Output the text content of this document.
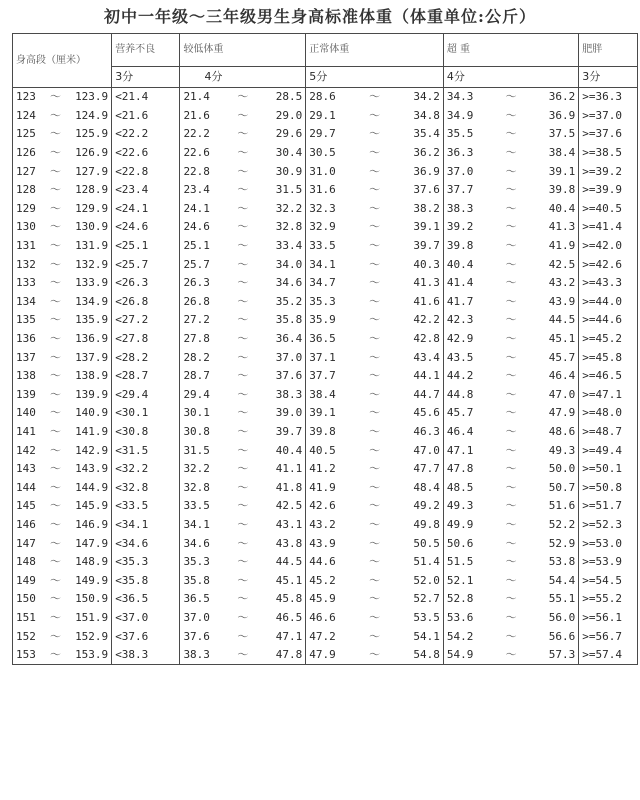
初中一年级～三年级男生身高标准体重（体重单位:公斤）
身高段（厘米）	营养不良	较低体重	正常体重	超 重	肥胖
	3分	4分	5分	4分	3分

123 ～ 123.9	<21.4	21.4 ～ 28.5	28.6 ～ 34.2	34.3 ～ 36.2	>=36.3

124 ～ 124.9	<21.6	21.6 ～ 29.0	29.1 ～ 34.8	34.9 ～ 36.9	>=37.0

125 ～ 125.9	<22.2	22.2 ～ 29.6	29.7 ～ 35.4	35.5 ～ 37.5	>=37.6

126 ～ 126.9	<22.6	22.6 ～ 30.4	30.5 ～ 36.2	36.3 ～ 38.4	>=38.5

127 ～ 127.9	<22.8	22.8 ～ 30.9	31.0 ～ 36.9	37.0 ～ 39.1	>=39.2

128 ～ 128.9	<23.4	23.4 ～ 31.5	31.6 ～ 37.6	37.7 ～ 39.8	>=39.9

129 ～ 129.9	<24.1	24.1 ～ 32.2	32.3 ～ 38.2	38.3 ～ 40.4	>=40.5

130 ～ 130.9	<24.6	24.6 ～ 32.8	32.9 ～ 39.1	39.2 ～ 41.3	>=41.4

131 ～ 131.9	<25.1	25.1 ～ 33.4	33.5 ～ 39.7	39.8 ～ 41.9	>=42.0

132 ～ 132.9	<25.7	25.7 ～ 34.0	34.1 ～ 40.3	40.4 ～ 42.5	>=42.6

133 ～ 133.9	<26.3	26.3 ～ 34.6	34.7 ～ 41.3	41.4 ～ 43.2	>=43.3

134 ～ 134.9	<26.8	26.8 ～ 35.2	35.3 ～ 41.6	41.7 ～ 43.9	>=44.0

135 ～ 135.9	<27.2	27.2 ～ 35.8	35.9 ～ 42.2	42.3 ～ 44.5	>=44.6

136 ～ 136.9	<27.8	27.8 ～ 36.4	36.5 ～ 42.8	42.9 ～ 45.1	>=45.2

137 ～ 137.9	<28.2	28.2 ～ 37.0	37.1 ～ 43.4	43.5 ～ 45.7	>=45.8

138 ～ 138.9	<28.7	28.7 ～ 37.6	37.7 ～ 44.1	44.2 ～ 46.4	>=46.5

139 ～ 139.9	<29.4	29.4 ～ 38.3	38.4 ～ 44.7	44.8 ～ 47.0	>=47.1

140 ～ 140.9	<30.1	30.1 ～ 39.0	39.1 ～ 45.6	45.7 ～ 47.9	>=48.0

141 ～ 141.9	<30.8	30.8 ～ 39.7	39.8 ～ 46.3	46.4 ～ 48.6	>=48.7

142 ～ 142.9	<31.5	31.5 ～ 40.4	40.5 ～ 47.0	47.1 ～ 49.3	>=49.4

143 ～ 143.9	<32.2	32.2 ～ 41.1	41.2 ～ 47.7	47.8 ～ 50.0	>=50.1

144 ～ 144.9	<32.8	32.8 ～ 41.8	41.9 ～ 48.4	48.5 ～ 50.7	>=50.8

145 ～ 145.9	<33.5	33.5 ～ 42.5	42.6 ～ 49.2	49.3 ～ 51.6	>=51.7

146 ～ 146.9	<34.1	34.1 ～ 43.1	43.2 ～ 49.8	49.9 ～ 52.2	>=52.3

147 ～ 147.9	<34.6	34.6 ～ 43.8	43.9 ～ 50.5	50.6 ～ 52.9	>=53.0

148 ～ 148.9	<35.3	35.3 ～ 44.5	44.6 ～ 51.4	51.5 ～ 53.8	>=53.9

149 ～ 149.9	<35.8	35.8 ～ 45.1	45.2 ～ 52.0	52.1 ～ 54.4	>=54.5

150 ～ 150.9	<36.5	36.5 ～ 45.8	45.9 ～ 52.7	52.8 ～ 55.1	>=55.2

151 ～ 151.9	<37.0	37.0 ～ 46.5	46.6 ～ 53.5	53.6 ～ 56.0	>=56.1

152 ～ 152.9	<37.6	37.6 ～ 47.1	47.2 ～ 54.1	54.2 ～ 56.6	>=56.7

153 ～ 153.9	<38.3	38.3 ～ 47.8	47.9 ～ 54.8	54.9 ～ 57.3	>=57.4
